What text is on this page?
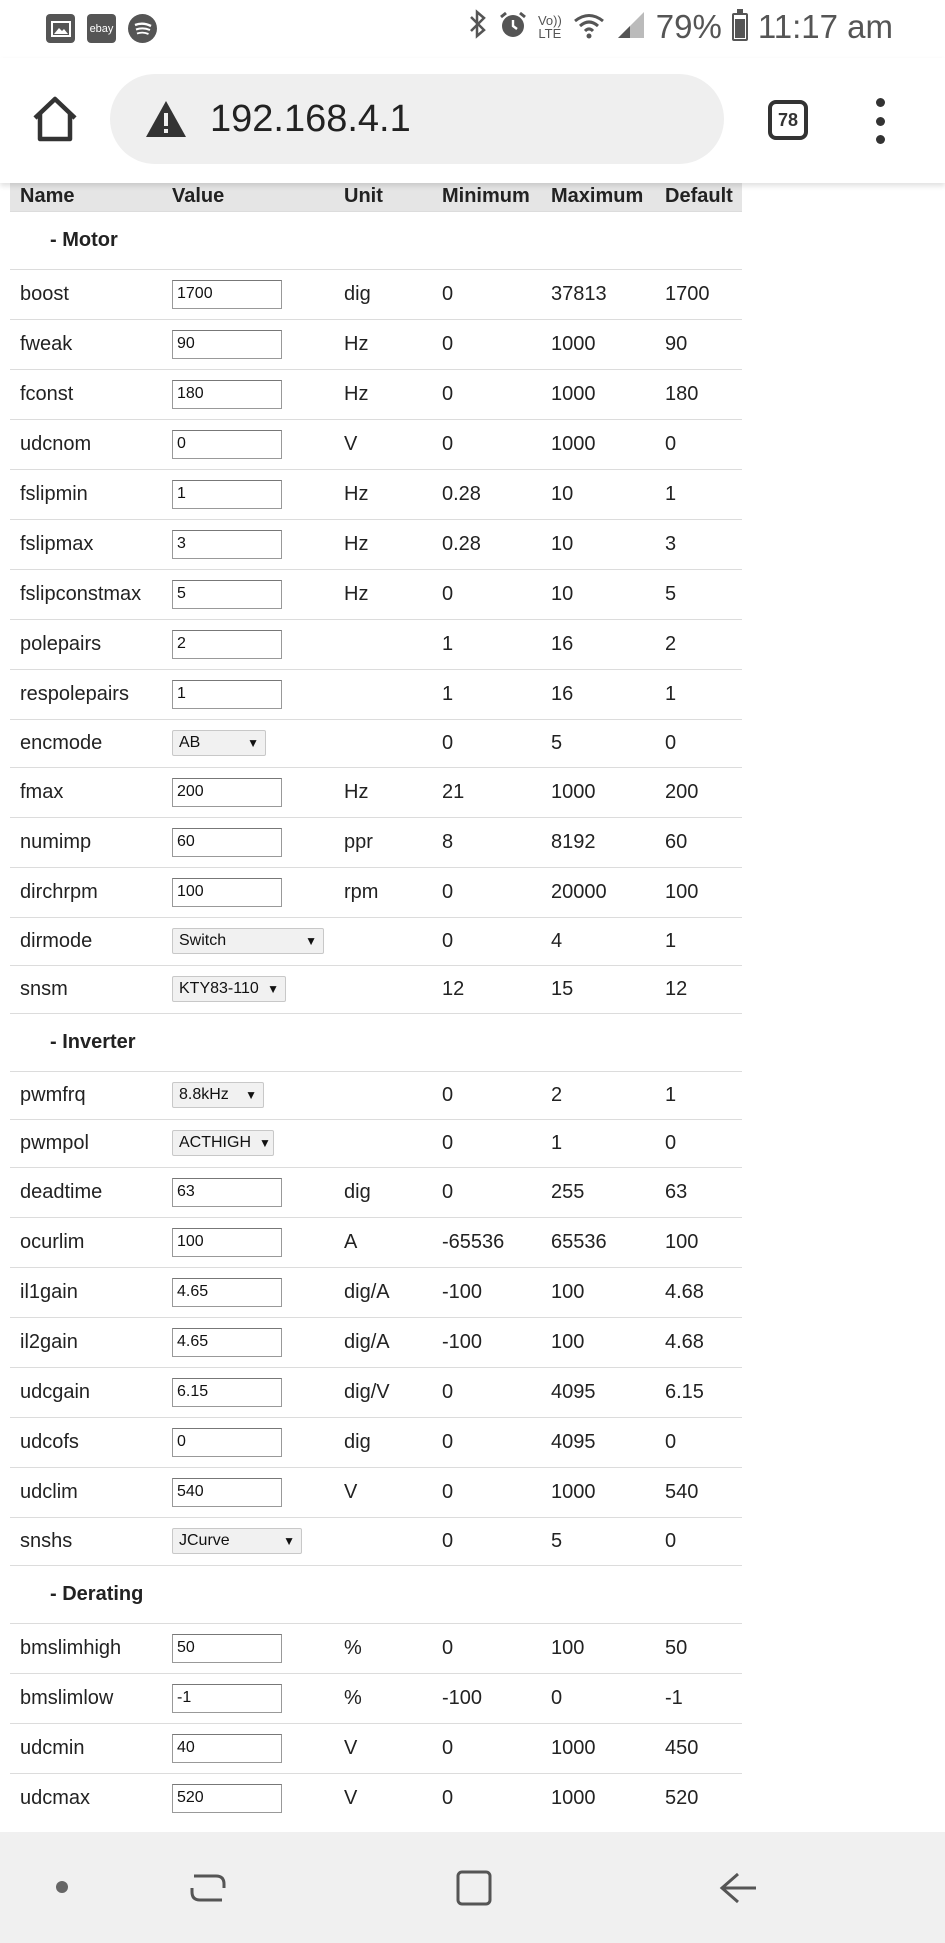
ebay
Vo))
LTE	79% 11:17 am
192.168.4.1	78
Name	Value	Unit	Minimum	Maximum	Default
- Motor					
boost	1700	dig	0	37813	1700
fweak	90	Hz	0	1000	90
fconst	180	Hz	0	1000	180
udcnom	0	V	0	1000	0
fslipmin	1	Hz	0.28	10	1
fslipmax	3	Hz	0.28	10	3
fslipconstmax	5	Hz	0	10	5
polepairs	2		1	16	2
respolepairs	1		1	16	1
encmode	AB ▼		0	5	0
fmax	200	Hz	21	1000	200
numimp	60	ppr	8	8192	60
dirchrpm	100	rpm	0	20000	100
dirmode	Switch ▼		0	4	1
snsm	KTY83-110 ▼		12	15	12
- Inverter					
pwmfrq	8.8kHz ▼		0	2	1
pwmpol	ACTHIGH ▼		0	1	0
deadtime	63	dig	0	255	63
ocurlim	100	A	-65536	65536	100
il1gain	4.65	dig/A	-100	100	4.68
il2gain	4.65	dig/A	-100	100	4.68
udcgain	6.15	dig/V	0	4095	6.15
udcofs	0	dig	0	4095	0
udclim	540	V	0	1000	540
snshs	JCurve ▼		0	5	0
- Derating					
bmslimhigh	50	%	0	100	50
bmslimlow	-1	%	-100	0	-1
udcmin	40	V	0	1000	450
udcmax	520	V	0	1000	520
